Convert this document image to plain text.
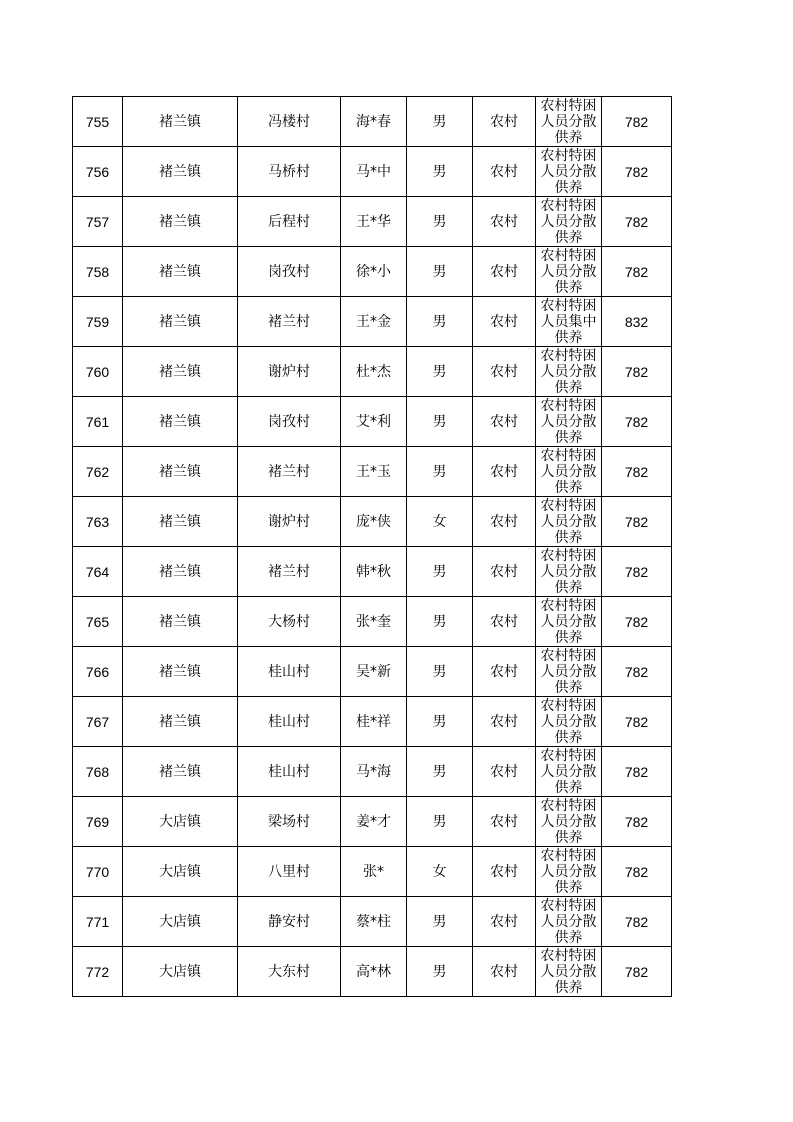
755	褚兰镇	冯楼村	海*春	男	农村	农村特困人员分散供养	782
756	褚兰镇	马桥村	马*中	男	农村	农村特困人员分散供养	782
757	褚兰镇	后程村	王*华	男	农村	农村特困人员分散供养	782
758	褚兰镇	岗孜村	徐*小	男	农村	农村特困人员分散供养	782
759	褚兰镇	褚兰村	王*金	男	农村	农村特困人员集中供养	832
760	褚兰镇	谢炉村	杜*杰	男	农村	农村特困人员分散供养	782
761	褚兰镇	岗孜村	艾*利	男	农村	农村特困人员分散供养	782
762	褚兰镇	褚兰村	王*玉	男	农村	农村特困人员分散供养	782
763	褚兰镇	谢炉村	庞*侠	女	农村	农村特困人员分散供养	782
764	褚兰镇	褚兰村	韩*秋	男	农村	农村特困人员分散供养	782
765	褚兰镇	大杨村	张*奎	男	农村	农村特困人员分散供养	782
766	褚兰镇	桂山村	吴*新	男	农村	农村特困人员分散供养	782
767	褚兰镇	桂山村	桂*祥	男	农村	农村特困人员分散供养	782
768	褚兰镇	桂山村	马*海	男	农村	农村特困人员分散供养	782
769	大店镇	梁场村	姜*才	男	农村	农村特困人员分散供养	782
770	大店镇	八里村	张*	女	农村	农村特困人员分散供养	782
771	大店镇	静安村	蔡*柱	男	农村	农村特困人员分散供养	782
772	大店镇	大东村	高*林	男	农村	农村特困人员分散供养	782
